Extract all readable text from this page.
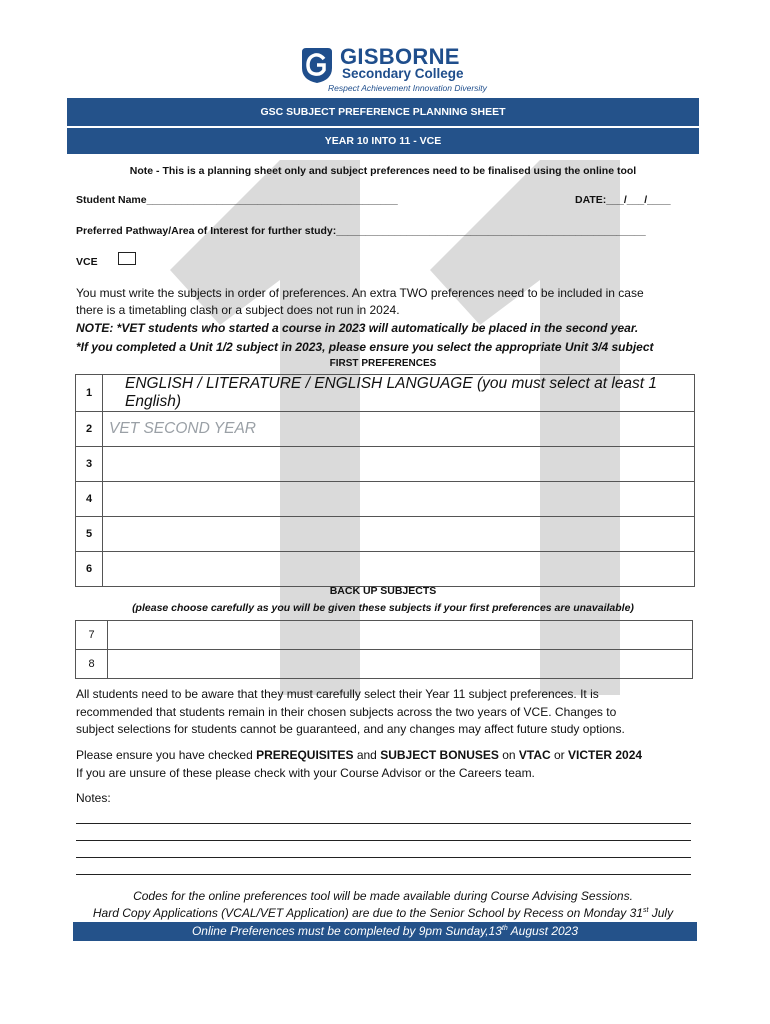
GISBORNE
Secondary College
Respect Achievement Innovation Diversity
GSC SUBJECT PREFERENCE PLANNING SHEET
YEAR 10 INTO 11 - VCE
Note - This is a planning sheet only and subject preferences need to be finalised using the online tool
Student Name___________________________________________	DATE:___/___/____
Preferred Pathway/Area of Interest for further study:_____________________________________________________
VCE
You must write the subjects in order of preferences. An extra TWO preferences need to be included in case
there is a timetabling clash or a subject does not run in 2024.
NOTE: *VET students who started a course in 2023 will automatically be placed in the second year.
*If you completed a Unit 1/2 subject in 2023, please ensure you select the appropriate Unit 3/4 subject
FIRST PREFERENCES
1	ENGLISH / LITERATURE / ENGLISH LANGUAGE (you must select at least 1 English)
2	VET SECOND YEAR
3	
4	
5	
6	
BACK UP SUBJECTS
(please choose carefully as you will be given these subjects if your first preferences are unavailable)
7	
8	
All students need to be aware that they must carefully select their Year 11 subject preferences. It is
recommended that students remain in their chosen subjects across the two years of VCE. Changes to
subject selections for students cannot be guaranteed, and any changes may affect future study options.
Please ensure you have checked PREREQUISITES and SUBJECT BONUSES on VTAC or VICTER 2024
If you are unsure of these please check with your Course Advisor or the Careers team.
Notes:
Codes for the online preferences tool will be made available during Course Advising Sessions.
Hard Copy Applications (VCAL/VET Application) are due to the Senior School by Recess on Monday 31st July
Online Preferences must be completed by 9pm Sunday,13th August 2023
